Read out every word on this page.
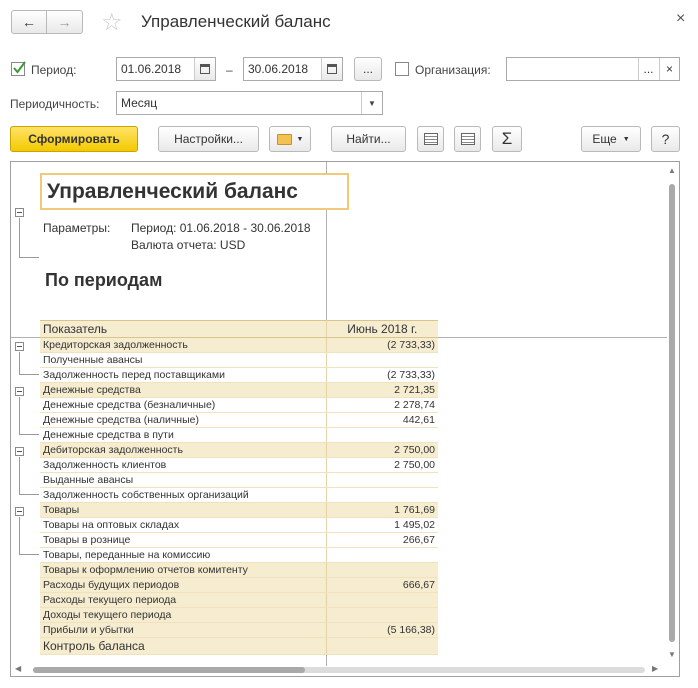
← → ☆ Управленческий баланс	×
Период:	01.06.2018	– 30.06.2018	...	Организация:	... ×
Периодичность: Месяц	▼
Сформировать	Настройки...	▼	Найти...	Σ	Еще ▼ ?
Управленческий баланс
Параметры: Период: 01.06.2018 - 30.06.2018
Валюта отчета: USD
По периодам
Показатель	Июнь 2018 г.
Кредиторская задолженность	(2 733,33)
Полученные авансы	
Задолженность перед поставщиками	(2 733,33)
Денежные средства	2 721,35
Денежные средства (безналичные)	2 278,74
Денежные средства (наличные)	442,61
Денежные средства в пути	
Дебиторская задолженность	2 750,00
Задолженность клиентов	2 750,00
Выданные авансы	
Задолженность собственных организаций	
Товары	1 761,69
Товары на оптовых складах	1 495,02
Товары в рознице	266,67
Товары, переданные на комиссию	
Товары к оформлению отчетов комитенту	
Расходы будущих периодов	666,67
Расходы текущего периода	
Доходы текущего периода	
Прибыли и убытки	(5 166,38)
Контроль баланса	
▲
▼
◀	▶
